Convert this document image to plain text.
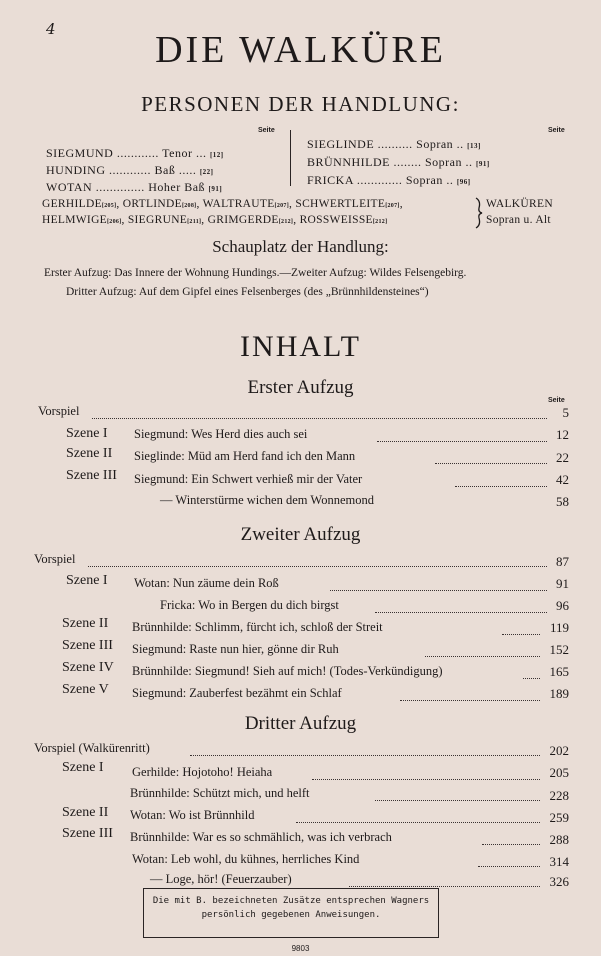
4	DIE WALKÜRE
PERSONEN DER HANDLUNG:
Seite	Seite
SIEGMUND ............ Tenor ... [12]
HUNDING ............ Baß ..... [22]
WOTAN .............. Hoher Baß [91]
SIEGLINDE .......... Sopran .. [13]
BRÜNNHILDE ........ Sopran .. [91]
FRICKA ............. Sopran .. [96]
GERHILDE[205], ORTLINDE[208], WALTRAUTE[207], SCHWERTLEITE[207],
HELMWIGE[206], SIEGRUNE[211], GRIMGERDE[212], ROSSWEISSE[212]
WALKÜREN
Sopran u. Alt
Schauplatz der Handlung:
Erster Aufzug: Das Innere der Wohnung Hundings.—Zweiter Aufzug: Wildes Felsengebirg.
Dritter Aufzug: Auf dem Gipfel eines Felsenberges (des „Brünnhildensteines“)
INHALT
Erster Aufzug
Seite
Zweiter Aufzug
Dritter Aufzug
Vorspiel	5
Szene I Siegmund: Wes Herd dies auch sei	12
Szene II Sieglinde: Müd am Herd fand ich den Mann	22
Szene III Siegmund: Ein Schwert verhieß mir der Vater	42
— Winterstürme wichen dem Wonnemond	58
Vorspiel	87
Szene I Wotan: Nun zäume dein Roß	91
Fricka: Wo in Bergen du dich birgst	96
Szene II Brünnhilde: Schlimm, fürcht ich, schloß der Streit	119
Szene III Siegmund: Raste nun hier, gönne dir Ruh	152
Szene IV Brünnhilde: Siegmund! Sieh auf mich! (Todes-Verkündigung)	165
Szene V Siegmund: Zauberfest bezähmt ein Schlaf	189
Vorspiel (Walkürenritt)	202
Szene I Gerhilde: Hojotoho! Heiaha	205
Brünnhilde: Schützt mich, und helft	228
Szene II Wotan: Wo ist Brünnhild	259
Szene III Brünnhilde: War es so schmählich, was ich verbrach	288
Wotan: Leb wohl, du kühnes, herrliches Kind	314
— Loge, hör! (Feuerzauber)	326
Die mit B. bezeichneten Zusätze entsprechen Wagners
persönlich gegebenen Anweisungen.
9803
